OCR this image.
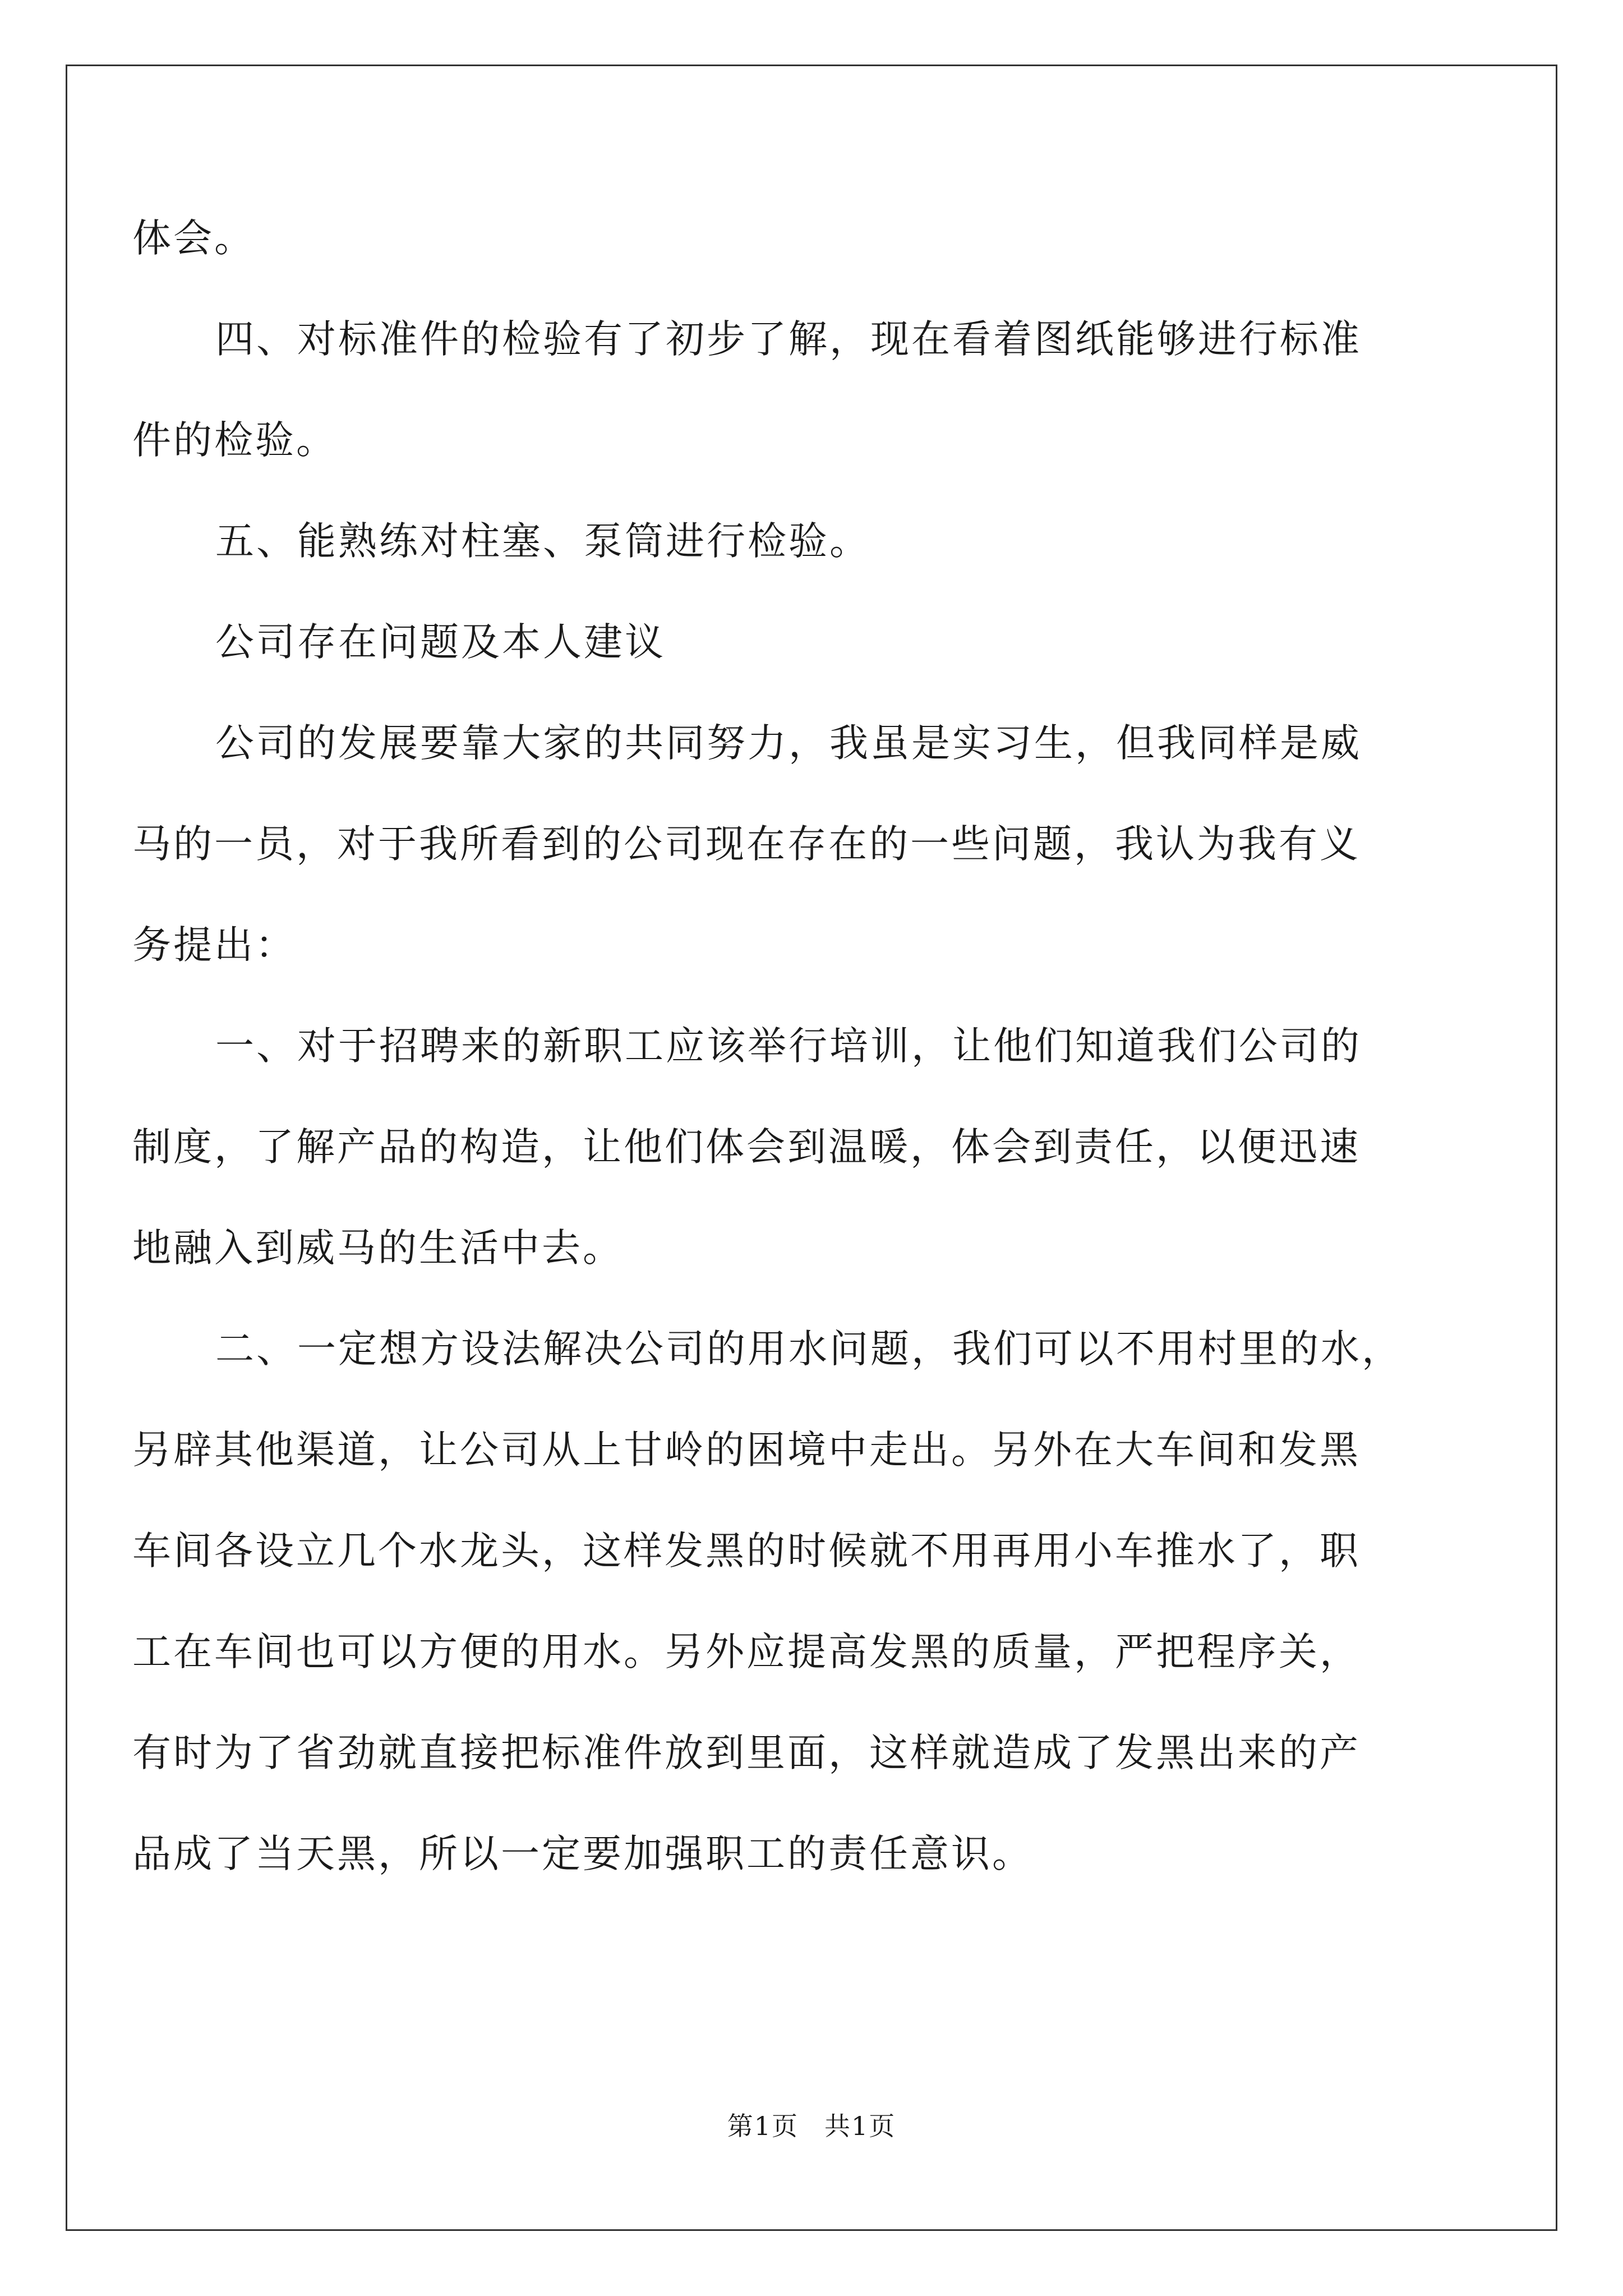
体会。
四、对标准件的检验有了初步了解，现在看着图纸能够进行标准
件的检验。
五、能熟练对柱塞、泵筒进行检验。
公司存在问题及本人建议
公司的发展要靠大家的共同努力，我虽是实习生，但我同样是威
马的一员，对于我所看到的公司现在存在的一些问题，我认为我有义
务提出：
一、对于招聘来的新职工应该举行培训，让他们知道我们公司的
制度，了解产品的构造，让他们体会到温暖，体会到责任，以便迅速
地融入到威马的生活中去。
二、一定想方设法解决公司的用水问题，我们可以不用村里的水，
另辟其他渠道，让公司从上甘岭的困境中走出。另外在大车间和发黑
车间各设立几个水龙头，这样发黑的时候就不用再用小车推水了，职
工在车间也可以方便的用水。另外应提高发黑的质量，严把程序关，
有时为了省劲就直接把标准件放到里面，这样就造成了发黑出来的产
品成了当天黑，所以一定要加强职工的责任意识。
第1页 共1页
